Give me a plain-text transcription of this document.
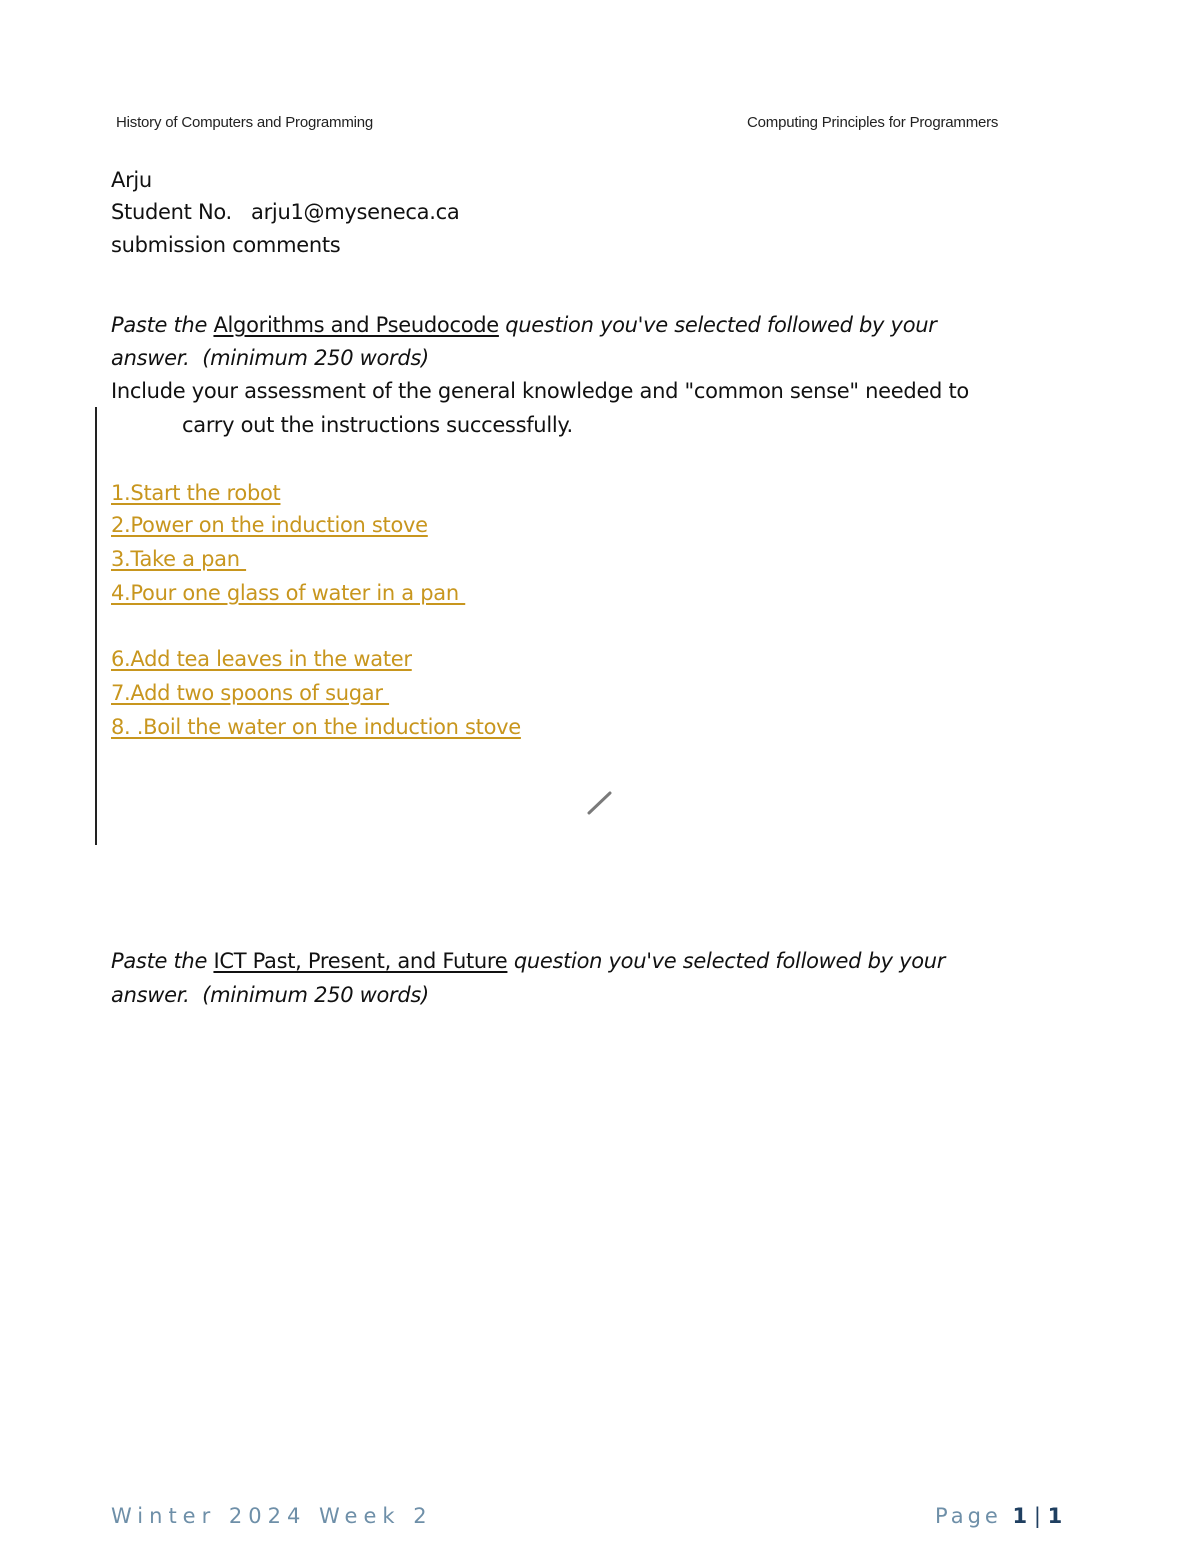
History of Computers and Programming	Computing Principles for Programmers
Arju
Student No.   arju1@myseneca.ca
submission comments
Paste the Algorithms and Pseudocode question you've selected followed by your
answer.  (minimum 250 words)
Include your assessment of the general knowledge and "common sense" needed to
carry out the instructions successfully.
1.Start the robot
2.Power on the induction stove
3.Take a pan
4.Pour one glass of water in a pan
6.Add tea leaves in the water
7.Add two spoons of sugar
8. .Boil the water on the induction stove
Paste the ICT Past, Present, and Future question you've selected followed by your
answer.  (minimum 250 words)
Winter 2024 Week 2	Page 1 | 1
